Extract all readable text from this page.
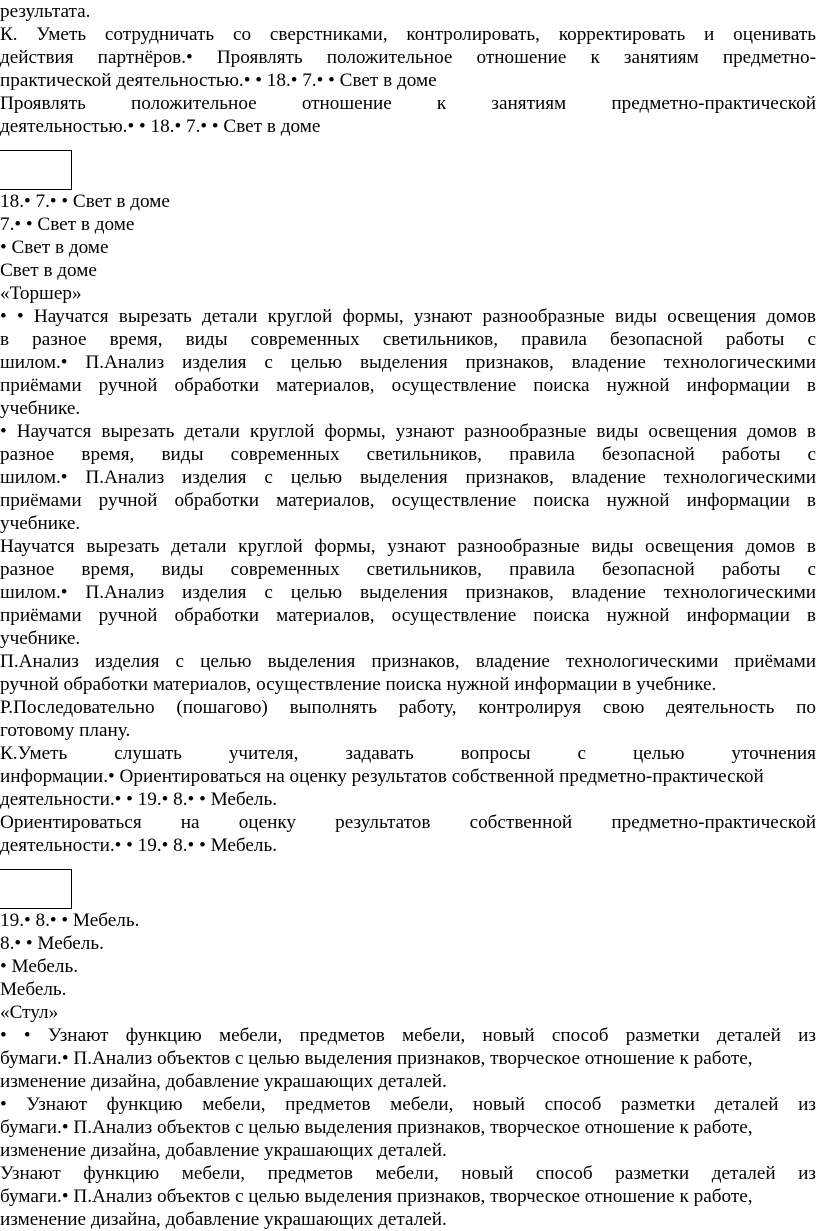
результата.

К. Уметь сотрудничать со сверстниками, контролировать, корректировать и оценивать

действия партнёров.• Проявлять положительное отношение к занятиям предметно-

практической деятельностью.• • 18.• 7.• • Свет в доме

Проявлять положительное отношение к занятиям предметно-практической

деятельностью.• • 18.• 7.• • Свет в доме

18.• 7.• • Свет в доме

7.• • Свет в доме

• Свет в доме

Свет в доме

«Торшер»

• • Научатся вырезать детали круглой формы, узнают разнообразные виды освещения домов

в разное время, виды современных светильников, правила безопасной работы с

шилом.• П.Анализ изделия с целью выделения признаков, владение технологическими

приёмами ручной обработки материалов, осуществление поиска нужной информации в

учебнике.

• Научатся вырезать детали круглой формы, узнают разнообразные виды освещения домов в

разное время, виды современных светильников, правила безопасной работы с

шилом.• П.Анализ изделия с целью выделения признаков, владение технологическими

приёмами ручной обработки материалов, осуществление поиска нужной информации в

учебнике.

Научатся вырезать детали круглой формы, узнают разнообразные виды освещения домов в

разное время, виды современных светильников, правила безопасной работы с

шилом.• П.Анализ изделия с целью выделения признаков, владение технологическими

приёмами ручной обработки материалов, осуществление поиска нужной информации в

учебнике.

П.Анализ изделия с целью выделения признаков, владение технологическими приёмами

ручной обработки материалов, осуществление поиска нужной информации в учебнике.

Р.Последовательно (пошагово) выполнять работу, контролируя свою деятельность по

готовому плану.

К.Уметь слушать учителя, задавать вопросы с целью уточнения

информации.• Ориентироваться на оценку результатов собственной предметно-практической

деятельности.• • 19.• 8.• • Мебель.

Ориентироваться на оценку результатов собственной предметно-практической

деятельности.• • 19.• 8.• • Мебель.

19.• 8.• • Мебель.

8.• • Мебель.

• Мебель.

Мебель.

«Стул»

• • Узнают функцию мебели, предметов мебели, новый способ разметки деталей из

бумаги.• П.Анализ объектов с целью выделения признаков, творческое отношение к работе,

изменение дизайна, добавление украшающих деталей.

• Узнают функцию мебели, предметов мебели, новый способ разметки деталей из

бумаги.• П.Анализ объектов с целью выделения признаков, творческое отношение к работе,

изменение дизайна, добавление украшающих деталей.

Узнают функцию мебели, предметов мебели, новый способ разметки деталей из

бумаги.• П.Анализ объектов с целью выделения признаков, творческое отношение к работе,

изменение дизайна, добавление украшающих деталей.
